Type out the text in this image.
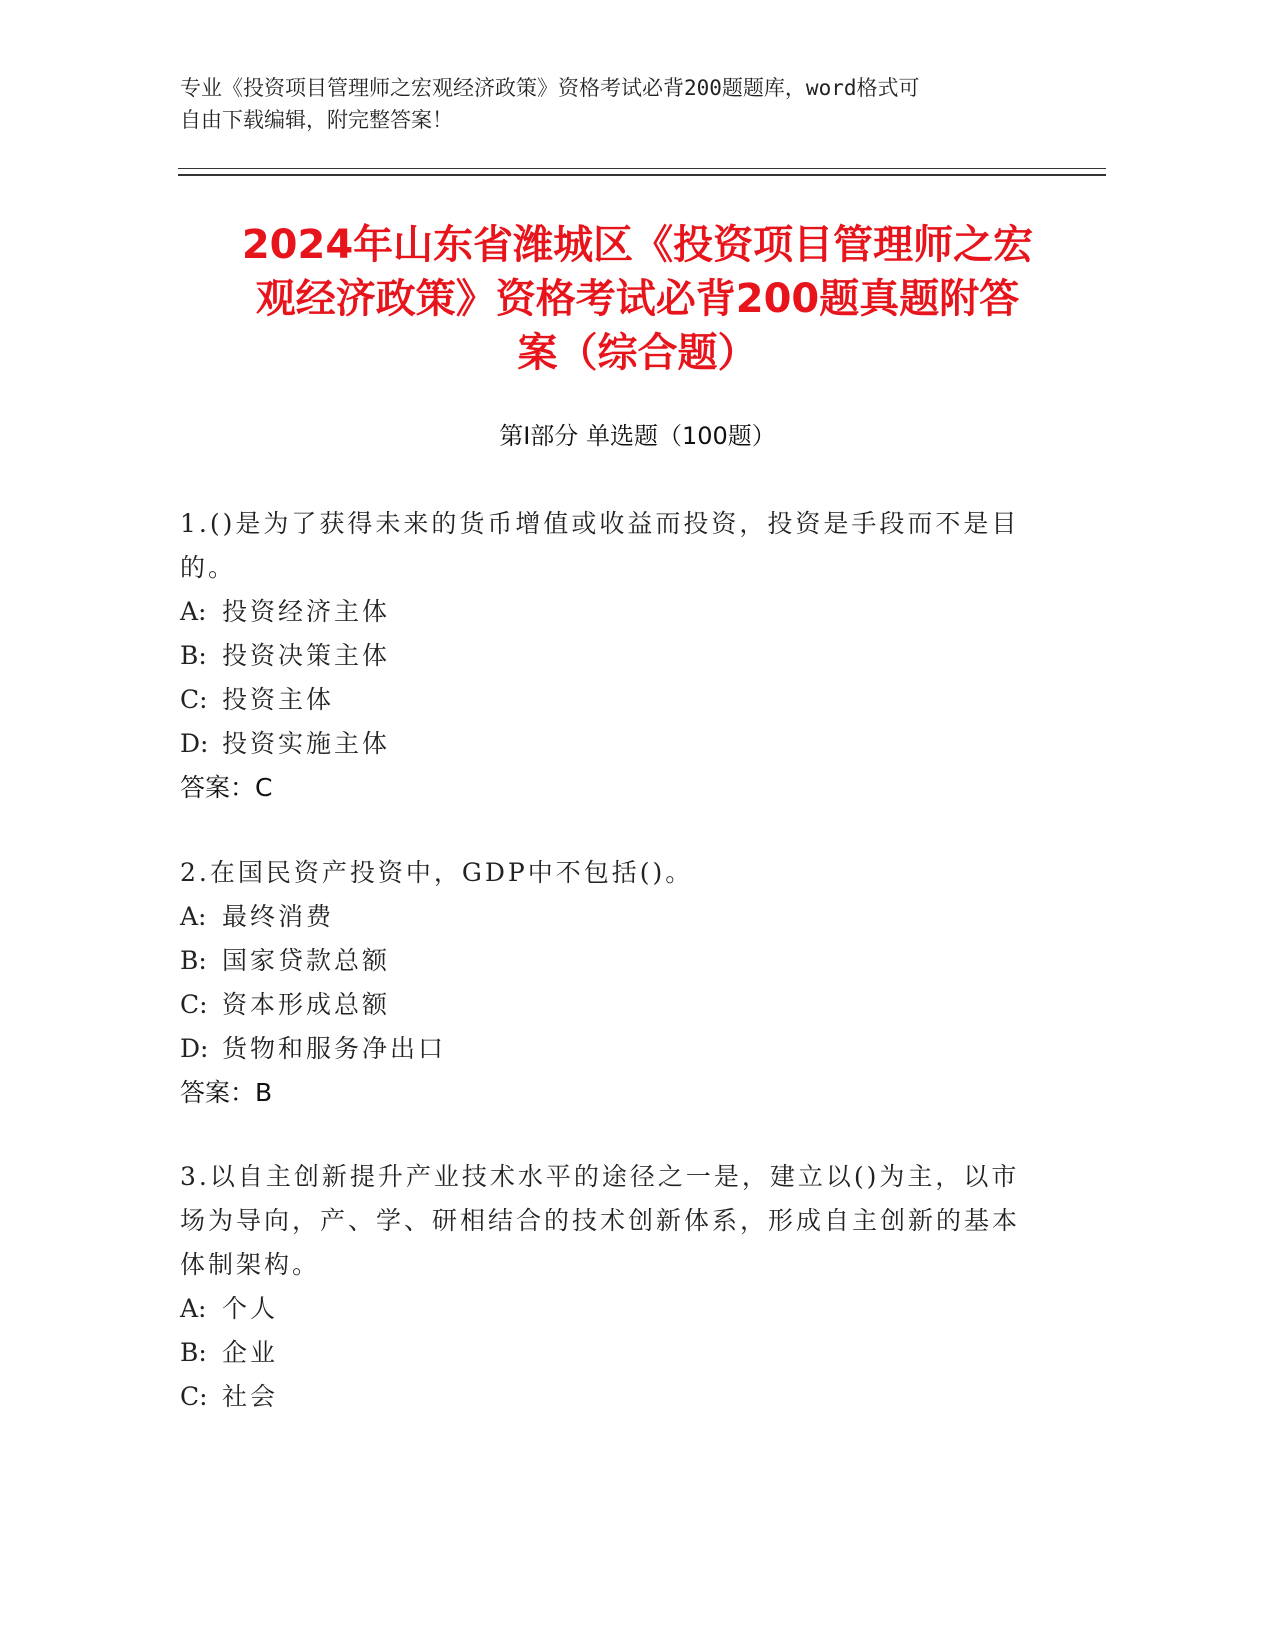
专业《投资项目管理师之宏观经济政策》资格考试必背200题题库，word格式可
自由下载编辑，附完整答案！
2024年山东省潍城区《投资项目管理师之宏
观经济政策》资格考试必背200题真题附答
案（综合题）
第Ⅰ部分 单选题（100题）
1.()是为了获得未来的货币增值或收益而投资，投资是手段而不是目
的。
A: 投资经济主体
B: 投资决策主体
C: 投资主体
D: 投资实施主体
答案：C
2.在国民资产投资中，GDP中不包括()。
A: 最终消费
B: 国家贷款总额
C: 资本形成总额
D: 货物和服务净出口
答案：B
3.以自主创新提升产业技术水平的途径之一是，建立以()为主，以市
场为导向，产、学、研相结合的技术创新体系，形成自主创新的基本
体制架构。
A: 个人
B: 企业
C: 社会
